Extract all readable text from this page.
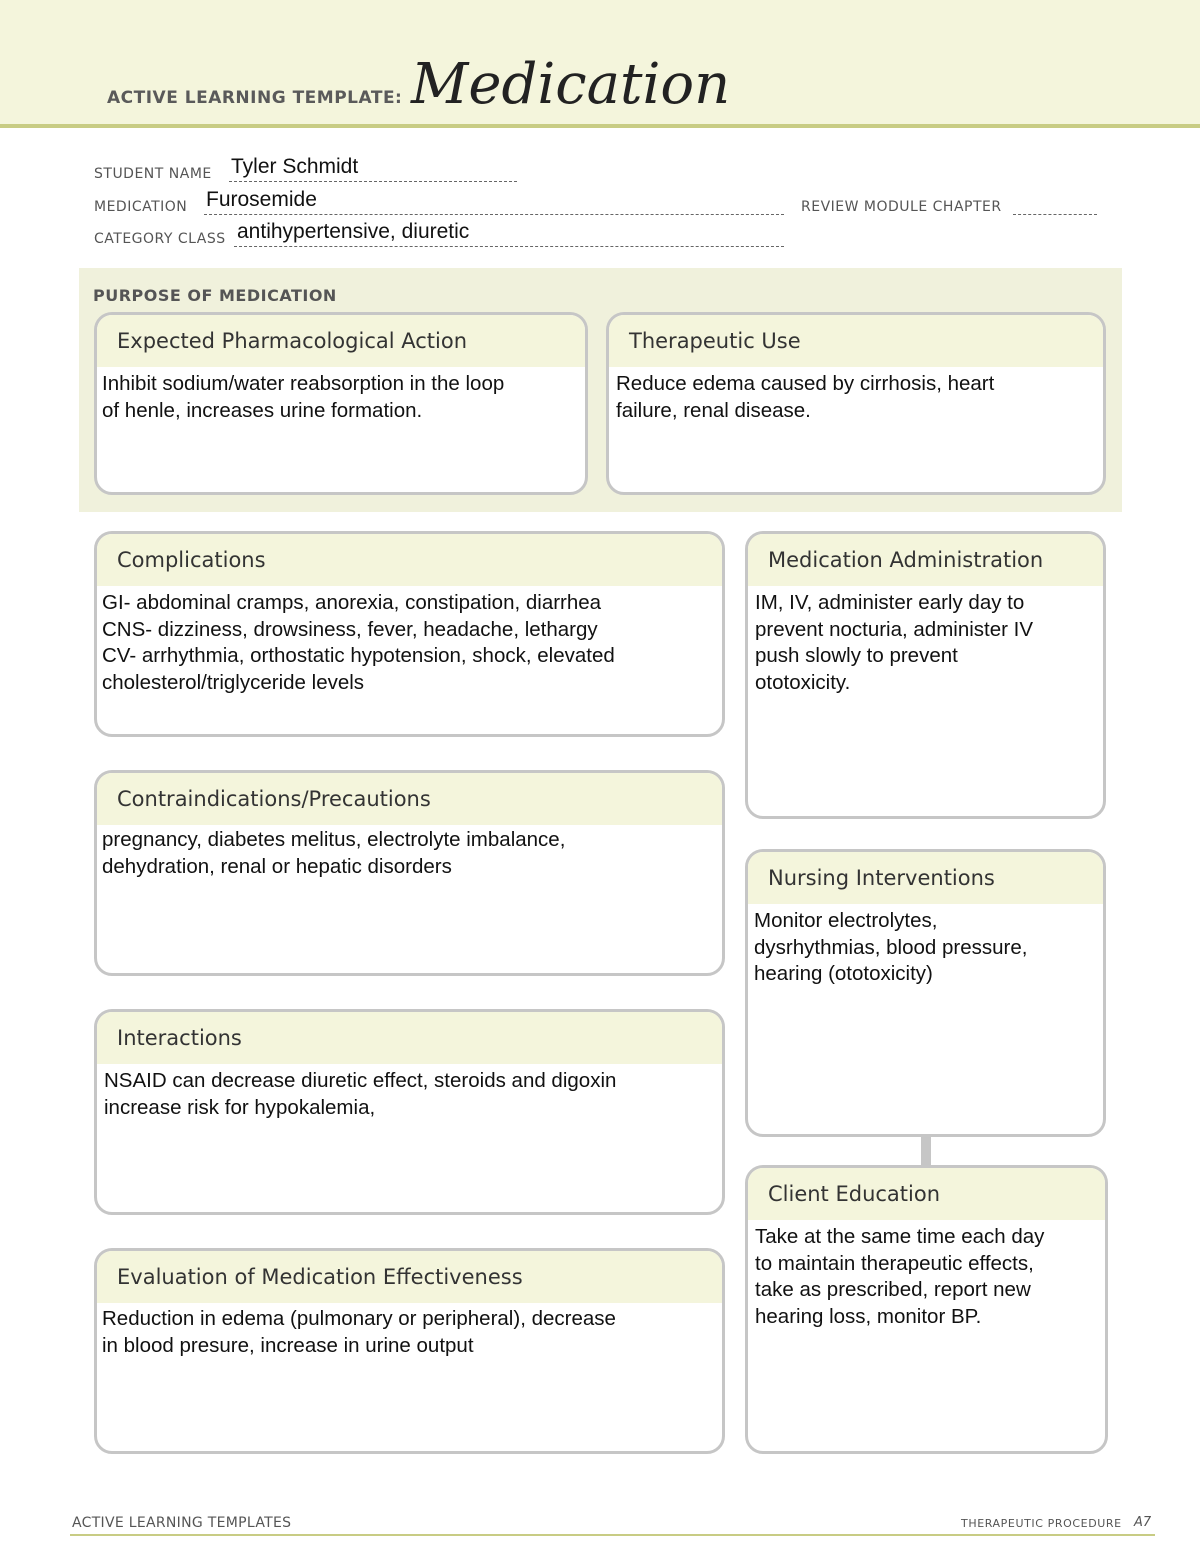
ACTIVE LEARNING TEMPLATE: Medication
STUDENT NAME Tyler Schmidt
MEDICATION Furosemide	REVIEW MODULE CHAPTER
CATEGORY CLASS antihypertensive, diuretic
PURPOSE OF MEDICATION
Expected Pharmacological Action
Inhibit sodium/water reabsorption in the loop
of henle, increases urine formation.
Therapeutic Use
Reduce edema caused by cirrhosis, heart
failure, renal disease.
Complications
GI- abdominal cramps, anorexia, constipation, diarrhea
CNS- dizziness, drowsiness, fever, headache, lethargy
CV- arrhythmia, orthostatic hypotension, shock, elevated
cholesterol/triglyceride levels
Contraindications/Precautions
pregnancy, diabetes melitus, electrolyte imbalance,
dehydration, renal or hepatic disorders
Interactions
NSAID can decrease diuretic effect, steroids and digoxin
increase risk for hypokalemia,
Evaluation of Medication Effectiveness
Reduction in edema (pulmonary or peripheral), decrease
in blood presure, increase in urine output
Medication Administration
IM, IV, administer early day to
prevent nocturia, administer IV
push slowly to prevent
ototoxicity.
Nursing Interventions
Monitor electrolytes,
dysrhythmias, blood pressure,
hearing (ototoxicity)
Client Education
Take at the same time each day
to maintain therapeutic effects,
take as prescribed, report new
hearing loss, monitor BP.
ACTIVE LEARNING TEMPLATES	THERAPEUTIC PROCEDURE A7
